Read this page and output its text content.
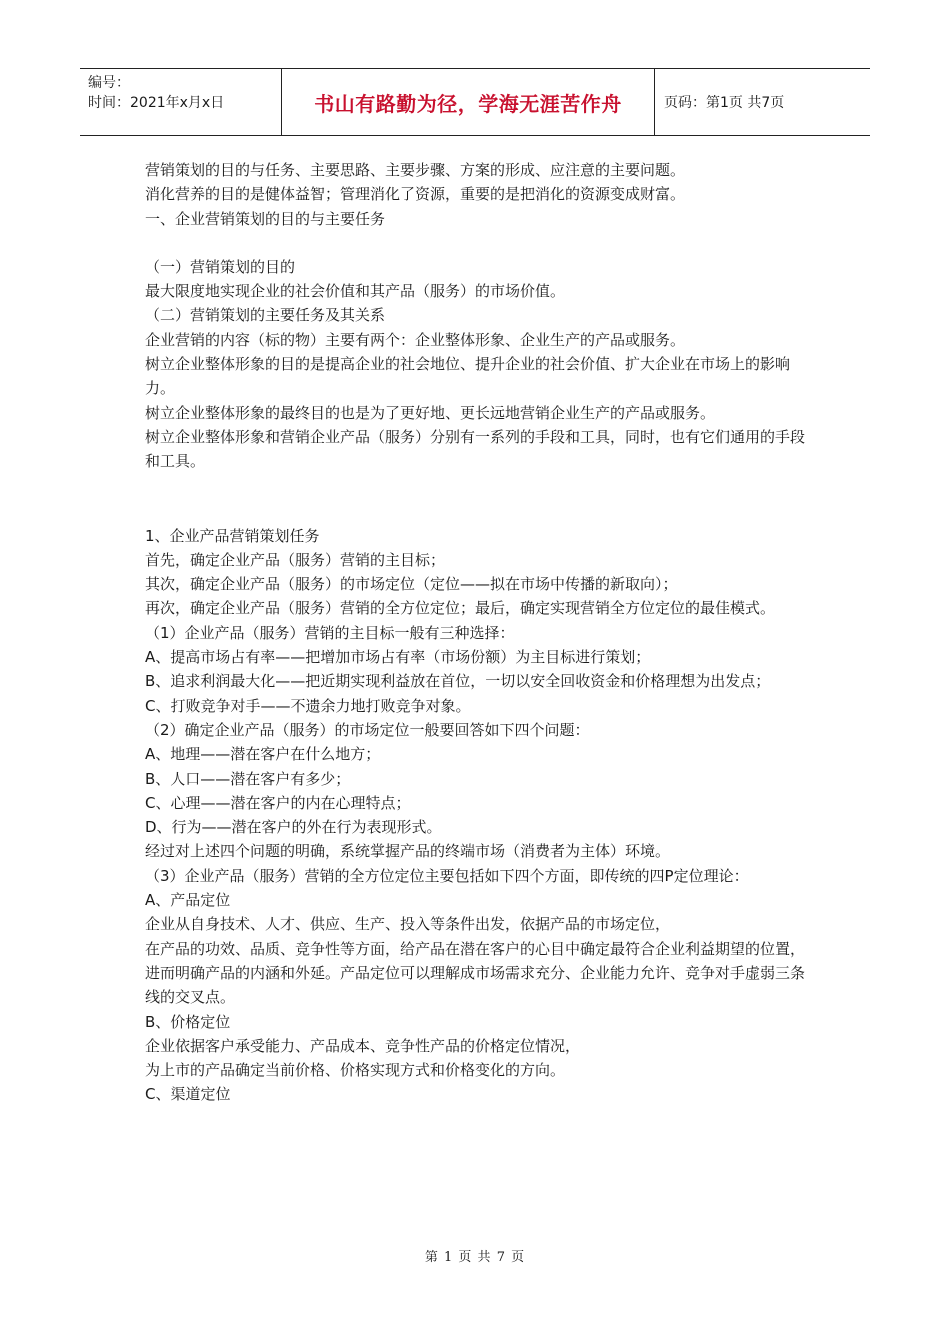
编号：
时间：2021年x月x日	书山有路勤为径，学海无涯苦作舟	页码：第1页 共7页

营销策划的目的与任务、主要思路、主要步骤、方案的形成、应注意的主要问题。

消化营养的目的是健体益智；管理消化了资源，重要的是把消化的资源变成财富。

一、企业营销策划的目的与主要任务

（一）营销策划的目的

最大限度地实现企业的社会价值和其产品（服务）的市场价值。

（二）营销策划的主要任务及其关系

企业营销的内容（标的物）主要有两个：企业整体形象、企业生产的产品或服务。

树立企业整体形象的目的是提高企业的社会地位、提升企业的社会价值、扩大企业在市场上的影响力。

树立企业整体形象的最终目的也是为了更好地、更长远地营销企业生产的产品或服务。

树立企业整体形象和营销企业产品（服务）分别有一系列的手段和工具，同时，也有它们通用的手段和工具。

1、企业产品营销策划任务

首先，确定企业产品（服务）营销的主目标；

其次，确定企业产品（服务）的市场定位（定位——拟在市场中传播的新取向）；

再次，确定企业产品（服务）营销的全方位定位；最后，确定实现营销全方位定位的最佳模式。

（1）企业产品（服务）营销的主目标一般有三种选择：

A、提高市场占有率——把增加市场占有率（市场份额）为主目标进行策划；

B、追求利润最大化——把近期实现利益放在首位，一切以安全回收资金和价格理想为出发点；

C、打败竞争对手——不遗余力地打败竞争对象。

（2）确定企业产品（服务）的市场定位一般要回答如下四个问题：

A、地理——潜在客户在什么地方；

B、人口——潜在客户有多少；

C、心理——潜在客户的内在心理特点；

D、行为——潜在客户的外在行为表现形式。

经过对上述四个问题的明确，系统掌握产品的终端市场（消费者为主体）环境。

（3）企业产品（服务）营销的全方位定位主要包括如下四个方面，即传统的四P定位理论：

A、产品定位

企业从自身技术、人才、供应、生产、投入等条件出发，依据产品的市场定位，

在产品的功效、品质、竞争性等方面，给产品在潜在客户的心目中确定最符合企业利益期望的位置，

进而明确产品的内涵和外延。产品定位可以理解成市场需求充分、企业能力允许、竞争对手虚弱三条线的交叉点。

B、价格定位

企业依据客户承受能力、产品成本、竞争性产品的价格定位情况，

为上市的产品确定当前价格、价格实现方式和价格变化的方向。

C、渠道定位

第 1 页 共 7 页
